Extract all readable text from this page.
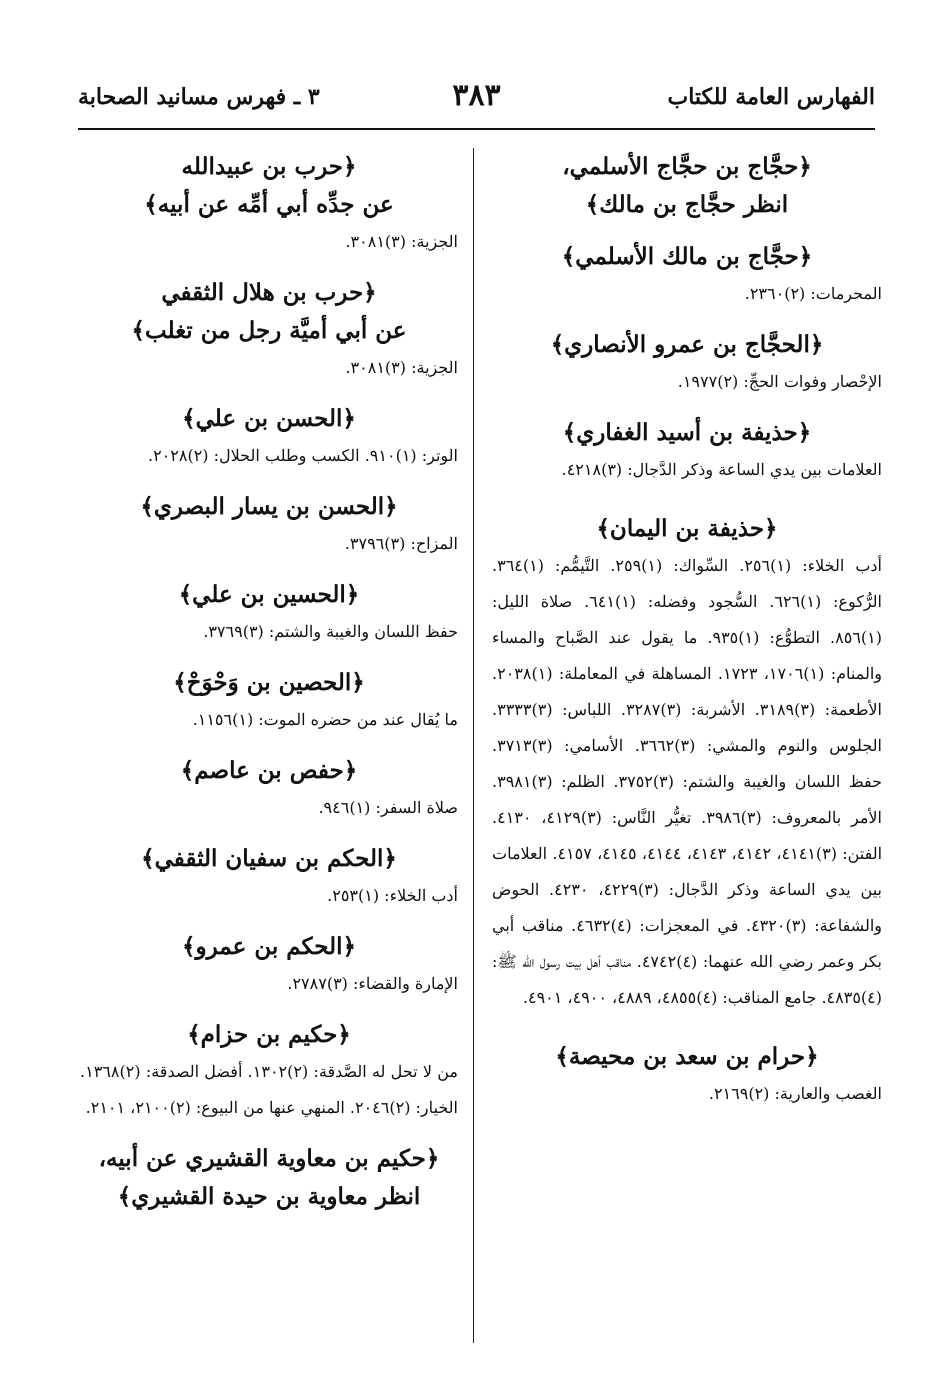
الفهارس العامة للكتاب
٣٨٣
٣ ـ فهرس مسانيد الصحابة
﴿حجَّاج بن حجَّاج الأسلمي،
انظر حجَّاج بن مالك﴾
﴿حجَّاج بن مالك الأسلمي﴾
المحرمات: (٢)٢٣٦٠.
﴿الحجَّاج بن عمرو الأنصاري﴾
الإحْصار وفوات الحجِّ: (٢)١٩٧٧.
﴿حذيفة بن أسيد الغفاري﴾
العلامات بين يدي الساعة وذكر الدَّجال: (٣)٤٢١٨.
﴿حذيفة بن اليمان﴾
أدب الخلاء: (١)٢٥٦. السِّواك: (١)٢٥٩. التَّيمُّم: (١)٣٦٤. الرُّكوع: (١)٦٢٦. السُّجود وفضله: (١)٦٤١. صلاة الليل: (١)٨٥٦. التطوُّع: (١)٩٣٥. ما يقول عند الصَّباح والمساء والمنام: (١)١٧٠٦، ١٧٢٣. المساهلة في المعاملة: (١)٢٠٣٨. الأطعمة: (٣)٣١٨٩. الأشربة: (٣)٣٢٨٧. اللباس: (٣)٣٣٣٣. الجلوس والنوم والمشي: (٣)٣٦٦٢. الأسامي: (٣)٣٧١٣. حفظ اللسان والغيبة والشتم: (٣)٣٧٥٢. الظلم: (٣)٣٩٨١. الأمر بالمعروف: (٣)٣٩٨٦. تغيُّر النَّاس: (٣)٤١٢٩، ٤١٣٠. الفتن: (٣)٤١٤١، ٤١٤٢، ٤١٤٣، ٤١٤٤، ٤١٤٥، ٤١٥٧. العلامات بين يدي الساعة وذكر الدَّجال: (٣)٤٢٢٩، ٤٢٣٠. الحوض والشفاعة: (٣)٤٣٢٠. في المعجزات: (٤)٤٦٣٢. مناقب أبي بكر وعمر رضي الله عنهما: (٤)٤٧٤٢. مناقب أهل بيت رسول الله ﷺ: (٤)٤٨٣٥. جامع المناقب: (٤)٤٨٥٥، ٤٨٨٩، ٤٩٠٠، ٤٩٠١.
﴿حرام بن سعد بن محيصة﴾
الغصب والعارية: (٢)٢١٦٩.
﴿حرب بن عبيدالله
عن جدِّه أبي أمِّه عن أبيه﴾
الجزية: (٣)٣٠٨١.
﴿حرب بن هلال الثقفي
عن أبي أميَّة رجل من تغلب﴾
الجزية: (٣)٣٠٨١.
﴿الحسن بن علي﴾
الوتر: (١)٩١٠. الكسب وطلب الحلال: (٢)٢٠٢٨.
﴿الحسن بن يسار البصري﴾
المزاح: (٣)٣٧٩٦.
﴿الحسين بن علي﴾
حفظ اللسان والغيبة والشتم: (٣)٣٧٦٩.
﴿الحصين بن وَحْوَحْ﴾
ما يُقال عند من حضره الموت: (١)١١٥٦.
﴿حفص بن عاصم﴾
صلاة السفر: (١)٩٤٦.
﴿الحكم بن سفيان الثقفي﴾
أدب الخلاء: (١)٢٥٣.
﴿الحكم بن عمرو﴾
الإمارة والقضاء: (٣)٢٧٨٧.
﴿حكيم بن حزام﴾
من لا تحل له الصَّدقة: (٢)١٣٠٢. أفضل الصدقة: (٢)١٣٦٨. الخيار: (٢)٢٠٤٦. المنهي عنها من البيوع: (٢)٢١٠٠، ٢١٠١.
﴿حكيم بن معاوية القشيري عن أبيه،
انظر معاوية بن حيدة القشيري﴾
